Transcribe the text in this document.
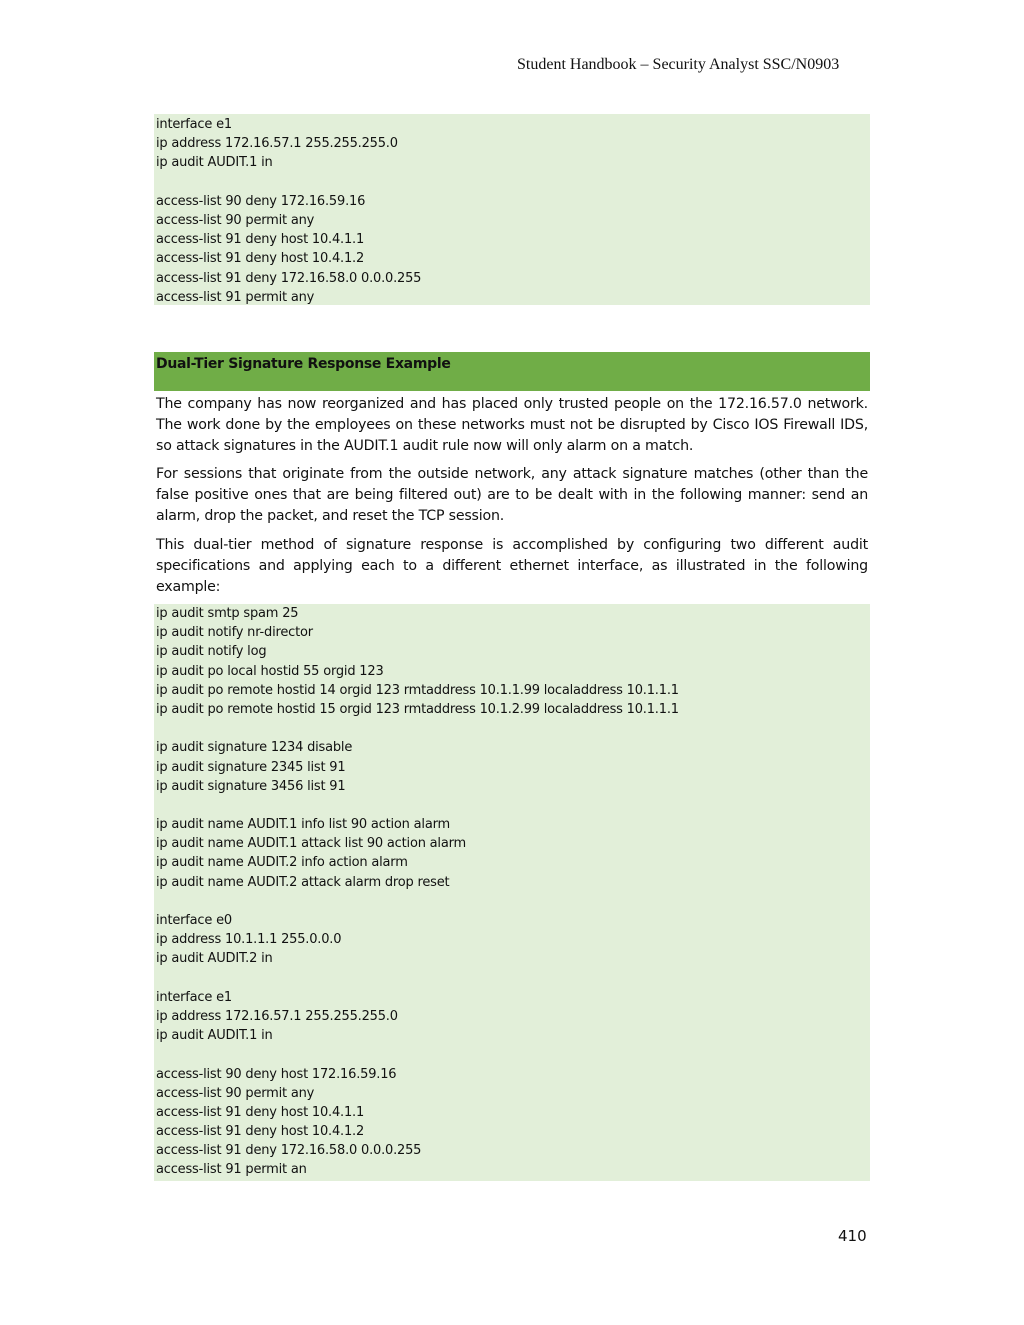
Student Handbook – Security Analyst SSC/N0903
interface e1
ip address 172.16.57.1 255.255.255.0
ip audit AUDIT.1 in
access-list 90 deny 172.16.59.16
access-list 90 permit any
access-list 91 deny host 10.4.1.1
access-list 91 deny host 10.4.1.2
access-list 91 deny 172.16.58.0 0.0.0.255
access-list 91 permit any
Dual-Tier Signature Response Example

The company has now reorganized and has placed only trusted people on the 172.16.57.0 network. The work done by the employees on these networks must not be disrupted by Cisco IOS Firewall IDS, so attack signatures in the AUDIT.1 audit rule now will only alarm on a match.

For sessions that originate from the outside network, any attack signature matches (other than the false positive ones that are being filtered out) are to be dealt with in the following manner: send an alarm, drop the packet, and reset the TCP session.

This dual-tier method of signature response is accomplished by configuring two different audit specifications and applying each to a different ethernet interface, as illustrated in the following example:

ip audit smtp spam 25
ip audit notify nr-director
ip audit notify log
ip audit po local hostid 55 orgid 123
ip audit po remote hostid 14 orgid 123 rmtaddress 10.1.1.99 localaddress 10.1.1.1
ip audit po remote hostid 15 orgid 123 rmtaddress 10.1.2.99 localaddress 10.1.1.1
ip audit signature 1234 disable
ip audit signature 2345 list 91
ip audit signature 3456 list 91
ip audit name AUDIT.1 info list 90 action alarm
ip audit name AUDIT.1 attack list 90 action alarm
ip audit name AUDIT.2 info action alarm
ip audit name AUDIT.2 attack alarm drop reset
interface e0
ip address 10.1.1.1 255.0.0.0
ip audit AUDIT.2 in
interface e1
ip address 172.16.57.1 255.255.255.0
ip audit AUDIT.1 in
access-list 90 deny host 172.16.59.16
access-list 90 permit any
access-list 91 deny host 10.4.1.1
access-list 91 deny host 10.4.1.2
access-list 91 deny 172.16.58.0 0.0.0.255
access-list 91 permit an
410
